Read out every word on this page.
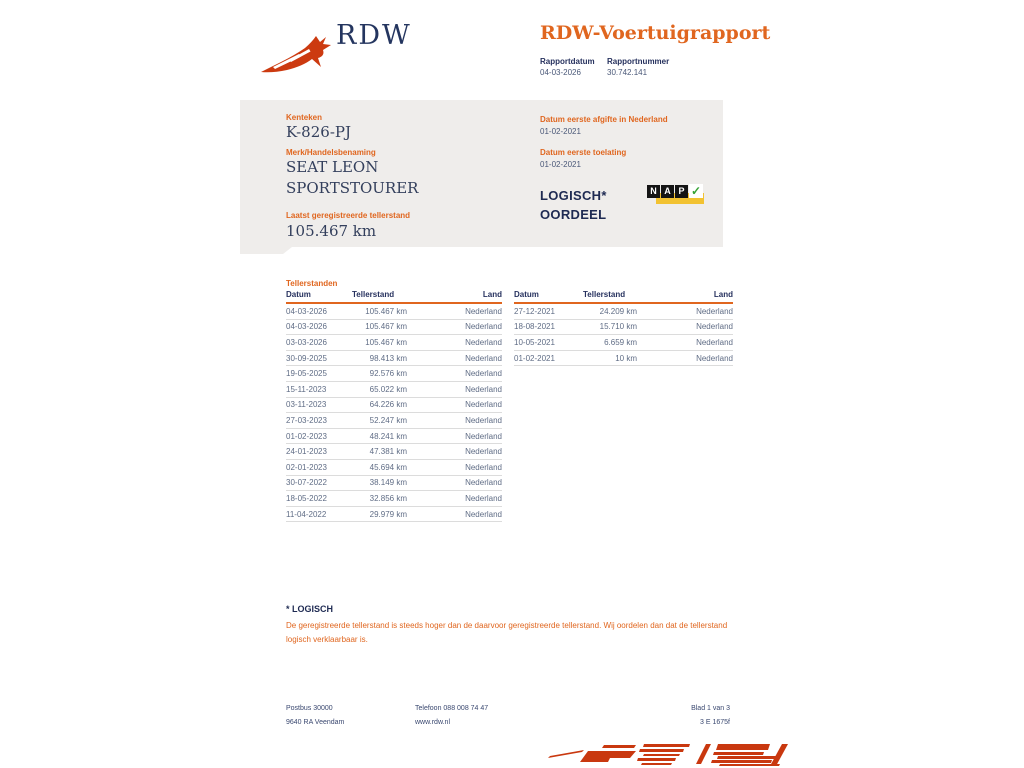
RDW	RDW-Voertuigrapport
Rapportdatum Rapportnummer
04-03-2026	30.742.141
Kenteken
K-826-PJ
Merk/Handelsbenaming
SEAT LEON
SPORTSTOURER
Laatst geregistreerde tellerstand
105.467 km
Datum eerste afgifte in Nederland
01-02-2021
Datum eerste toelating
01-02-2021
LOGISCH*
OORDEEL
N A P ✓
Tellerstanden
Datum	Tellerstand	Land
04-03-2026	105.467 km	Nederland
04-03-2026	105.467 km	Nederland
03-03-2026	105.467 km	Nederland
30-09-2025	98.413 km	Nederland
19-05-2025	92.576 km	Nederland
15-11-2023	65.022 km	Nederland
03-11-2023	64.226 km	Nederland
27-03-2023	52.247 km	Nederland
01-02-2023	48.241 km	Nederland
24-01-2023	47.381 km	Nederland
02-01-2023	45.694 km	Nederland
30-07-2022	38.149 km	Nederland
18-05-2022	32.856 km	Nederland
11-04-2022	29.979 km	Nederland
Datum	Tellerstand	Land
27-12-2021	24.209 km	Nederland
18-08-2021	15.710 km	Nederland
10-05-2021	6.659 km	Nederland
01-02-2021	10 km	Nederland
* LOGISCH
De geregistreerde tellerstand is steeds hoger dan de daarvoor geregistreerde tellerstand. Wij oordelen dan dat de tellerstand logisch verklaarbaar is.
Postbus 30000
9640 RA Veendam
Telefoon 088 008 74 47
www.rdw.nl
Blad 1 van 3
3 E 1675f
